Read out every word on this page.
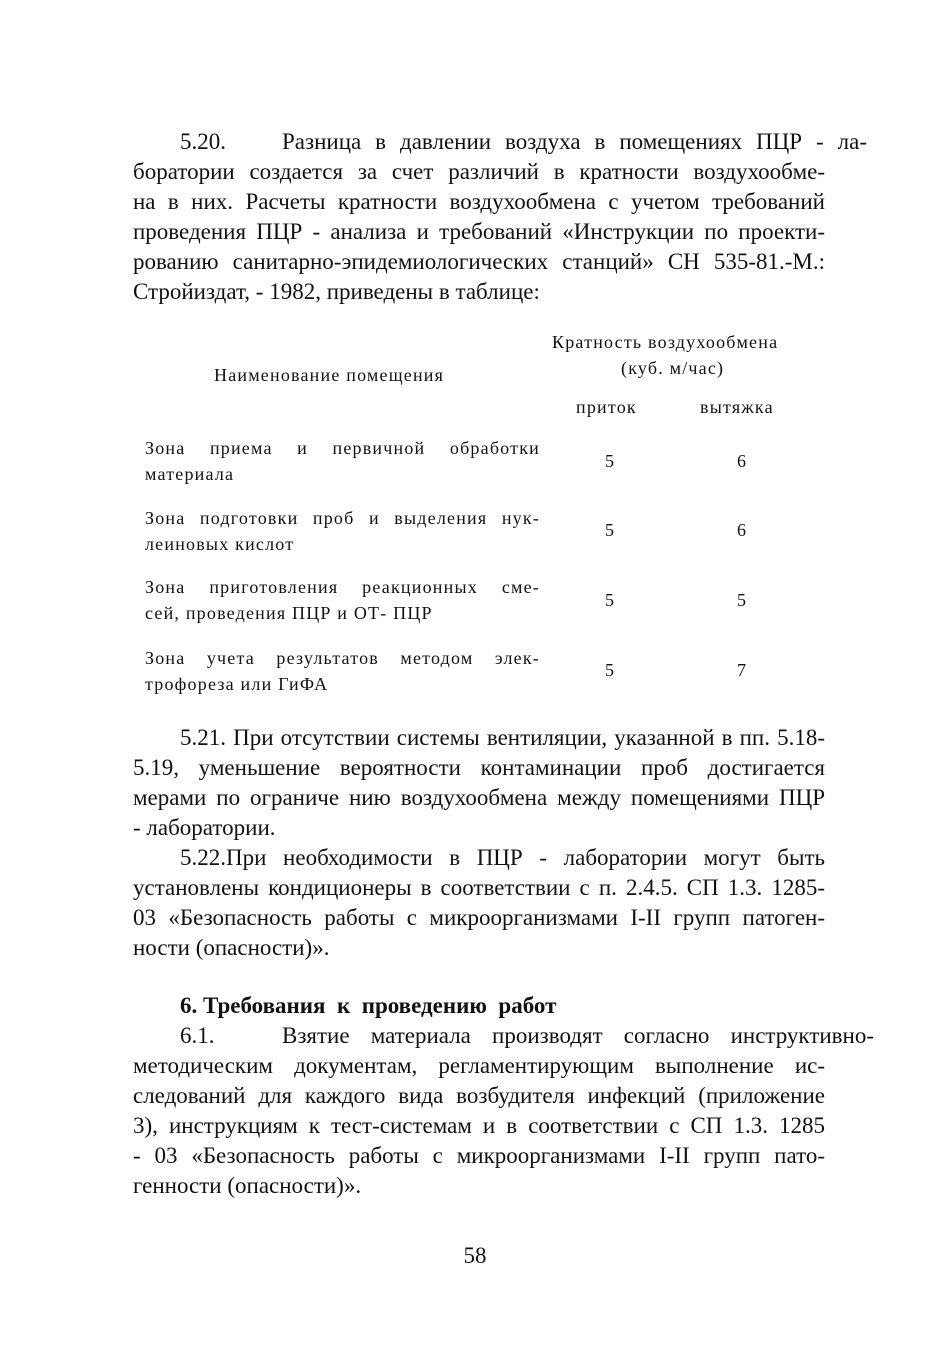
5.20. Разница в давлении воздуха в помещениях ПЦР - ла-
боратории создается за счет различий в кратности воздухообме-
на в них. Расчеты кратности воздухообмена с учетом требований
проведения ПЦР - анализа и требований «Инструкции по проекти-
рованию санитарно-эпидемиологических станций» СН 535-81.-М.:
Стройиздат, - 1982, приведены в таблице:
Кратность воздухообмена
Наименование помещения	(куб. м/час)
приток	вытяжка
Зона приема и первичной обработки
материала
5	6
Зона подготовки проб и выделения нук-
леиновых кислот
5	6
Зона приготовления реакционных сме-
сей, проведения ПЦР и ОТ- ПЦР
5	5
Зона учета результатов методом элек-
трофореза или ГиФА
5	7
5.21. При отсутствии системы вентиляции, указанной в пп. 5.18-
5.19, уменьшение вероятности контаминации проб достигается
мерами по ограниче нию воздухообмена между помещениями ПЦР
- лаборатории.
5.22.При необходимости в ПЦР - лаборатории могут быть
установлены кондиционеры в соответствии с п. 2.4.5. СП 1.3. 1285-
03 «Безопасность работы с микроорганизмами I-II групп патоген-
ности (опасности)».
6. Требования  к  проведению  работ
6.1.	Взятие материала производят согласно инструктивно-
методическим документам, регламентирующим выполнение ис-
следований для каждого вида возбудителя инфекций (приложение
3), инструкциям к тест-системам и в соответствии с СП 1.3. 1285
- 03 «Безопасность работы с микроорганизмами I-II групп пато-
генности (опасности)».
58
